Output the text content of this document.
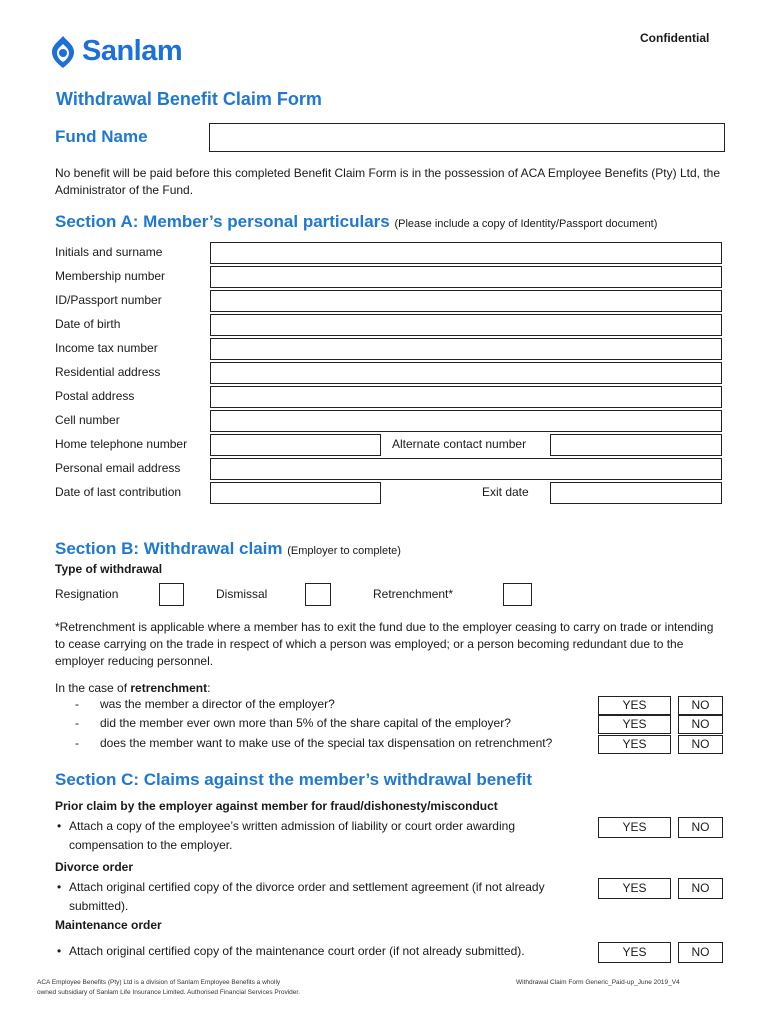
Sanlam	Confidential
Withdrawal Benefit Claim Form
Fund Name
No benefit will be paid before this completed Benefit Claim Form is in the possession of ACA Employee Benefits (Pty) Ltd, the Administrator of the Fund.
Section A: Member’s personal particulars (Please include a copy of Identity/Passport document)
Initials and surname
Membership number
ID/Passport number
Date of birth
Income tax number
Residential address
Postal address
Cell number
Home telephone number	Alternate contact number
Personal email address
Date of last contribution	Exit date
Section B: Withdrawal claim (Employer to complete)
Type of withdrawal
Resignation	Dismissal	Retrenchment*
*Retrenchment is applicable where a member has to exit the fund due to the employer ceasing to carry on trade or intending to cease carrying on the trade in respect of which a person was employed; or a person becoming redundant due to the employer reducing personnel.
In the case of retrenchment:
- was the member a director of the employer?	YES	NO
- did the member ever own more than 5% of the share capital of the employer?	YES	NO
- does the member want to make use of the special tax dispensation on retrenchment?	YES	NO
Section C: Claims against the member’s withdrawal benefit
Prior claim by the employer against member for fraud/dishonesty/misconduct
• Attach a copy of the employee’s written admission of liability or court order awarding
compensation to the employer.
YES	NO
Divorce order
• Attach original certified copy of the divorce order and settlement agreement (if not already
submitted).
YES	NO
Maintenance order
• Attach original certified copy of the maintenance court order (if not already submitted).	YES	NO
ACA Employee Benefits (Pty) Ltd is a division of Sanlam Employee Benefits a wholly
owned subsidiary of Sanlam Life Insurance Limited. Authorised Financial Services Provider.
Withdrawal Claim Form Generic_Paid-up_June 2019_V4
